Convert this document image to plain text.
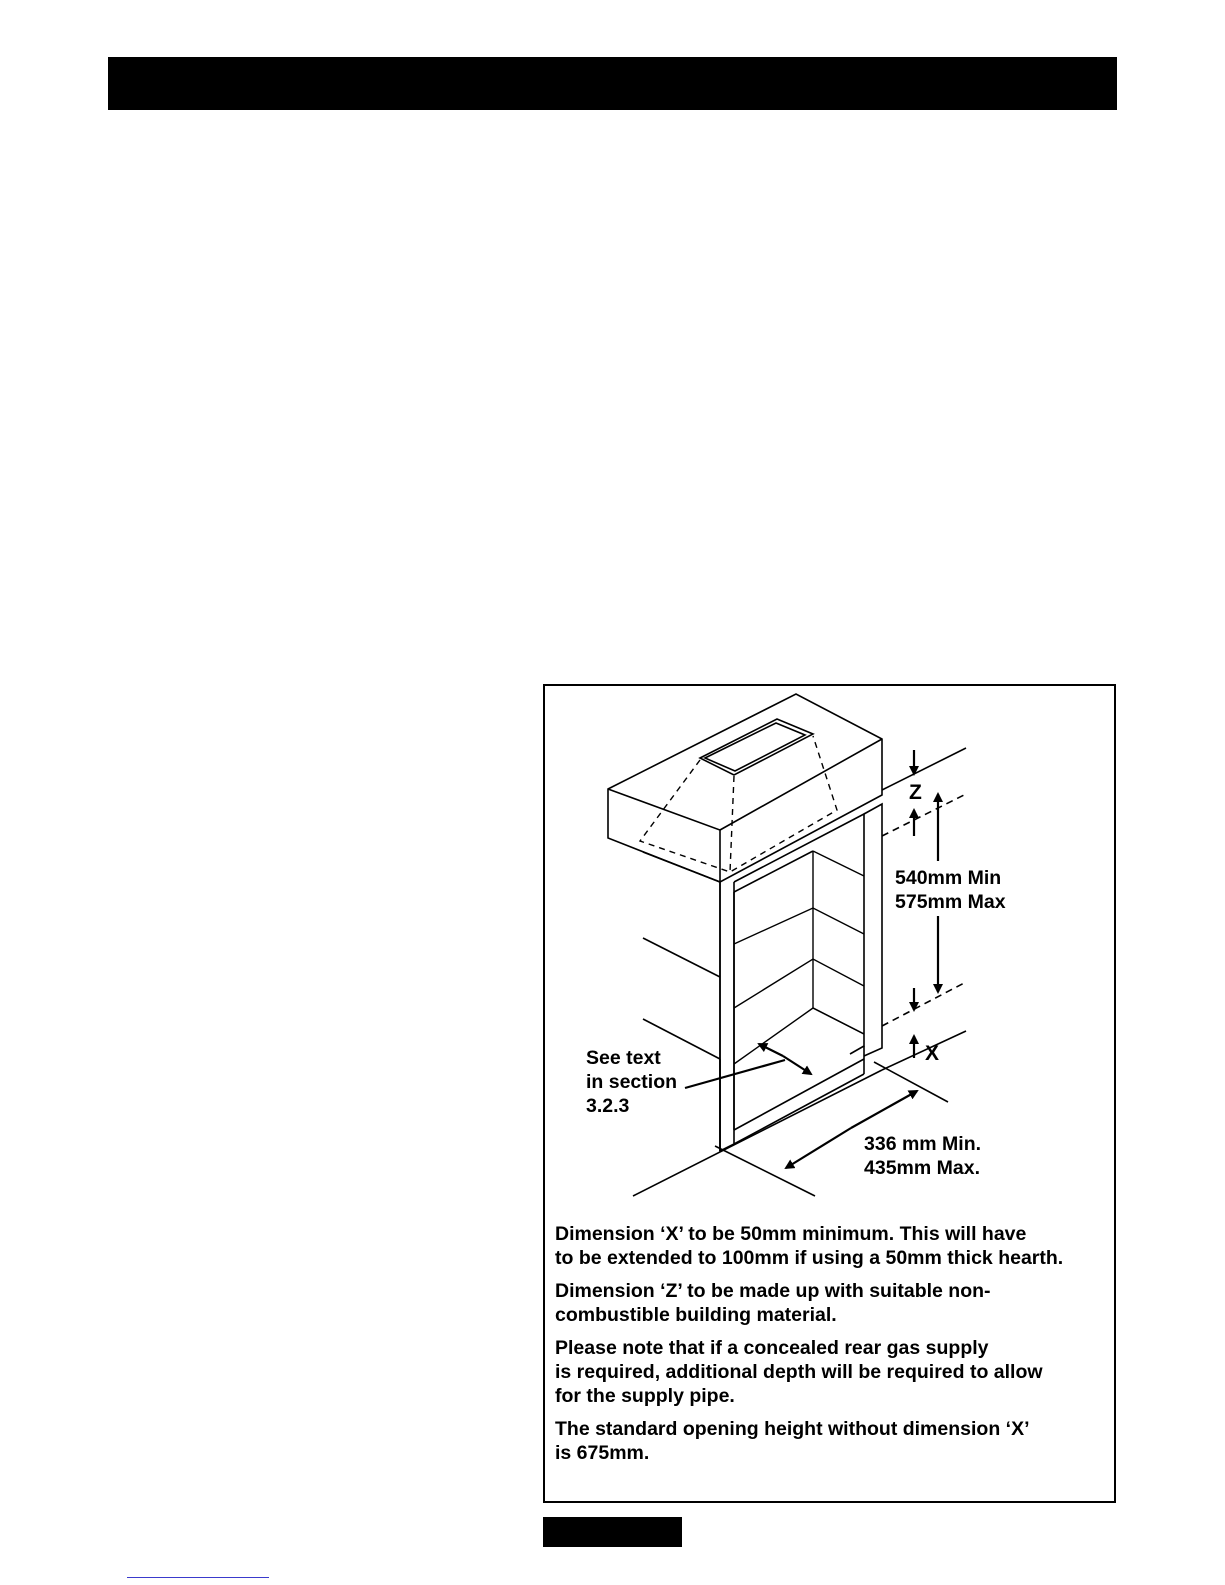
Z
540mm Min
575mm Max
X
See text
in section
3.2.3
336 mm Min.
435mm Max.

Dimension ‘X’ to be 50mm minimum. This will have
to be extended to 100mm if using a 50mm thick hearth.

Dimension ‘Z’ to be made up with suitable non-
combustible building material.

Please note that if a concealed rear gas supply
is required, additional depth will be required to allow
for the supply pipe.

The standard opening height without dimension ‘X’
is 675mm.
